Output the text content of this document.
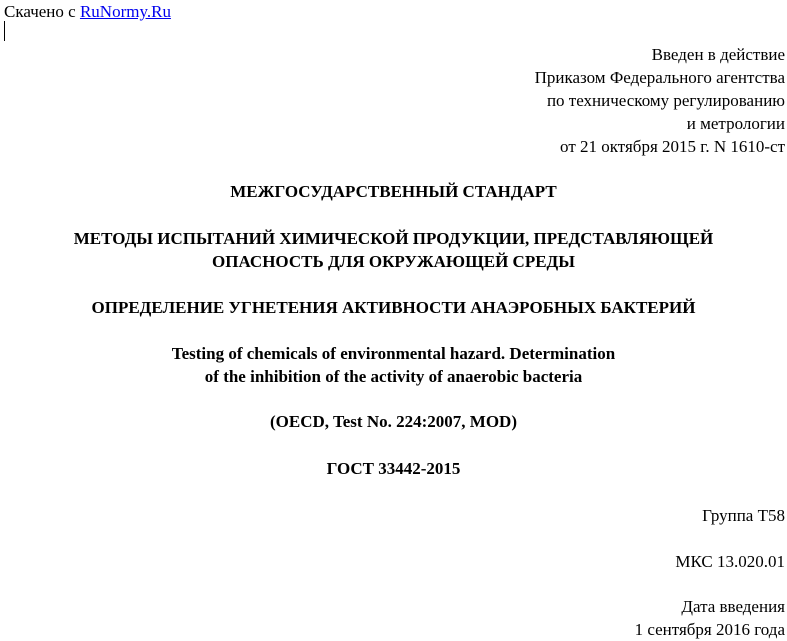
Скачено с RuNormy.Ru
Введен в действие
Приказом Федерального агентства
по техническому регулированию
и метрологии
от 21 октября 2015 г. N 1610-ст
МЕЖГОСУДАРСТВЕННЫЙ СТАНДАРТ
МЕТОДЫ ИСПЫТАНИЙ ХИМИЧЕСКОЙ ПРОДУКЦИИ, ПРЕДСТАВЛЯЮЩЕЙ
ОПАСНОСТЬ ДЛЯ ОКРУЖАЮЩЕЙ СРЕДЫ
ОПРЕДЕЛЕНИЕ УГНЕТЕНИЯ АКТИВНОСТИ АНАЭРОБНЫХ БАКТЕРИЙ
Testing of chemicals of environmental hazard. Determination
of the inhibition of the activity of anaerobic bacteria
(OECD, Test No. 224:2007, MOD)
ГОСТ 33442-2015
Группа Т58
МКС 13.020.01
Дата введения
1 сентября 2016 года
